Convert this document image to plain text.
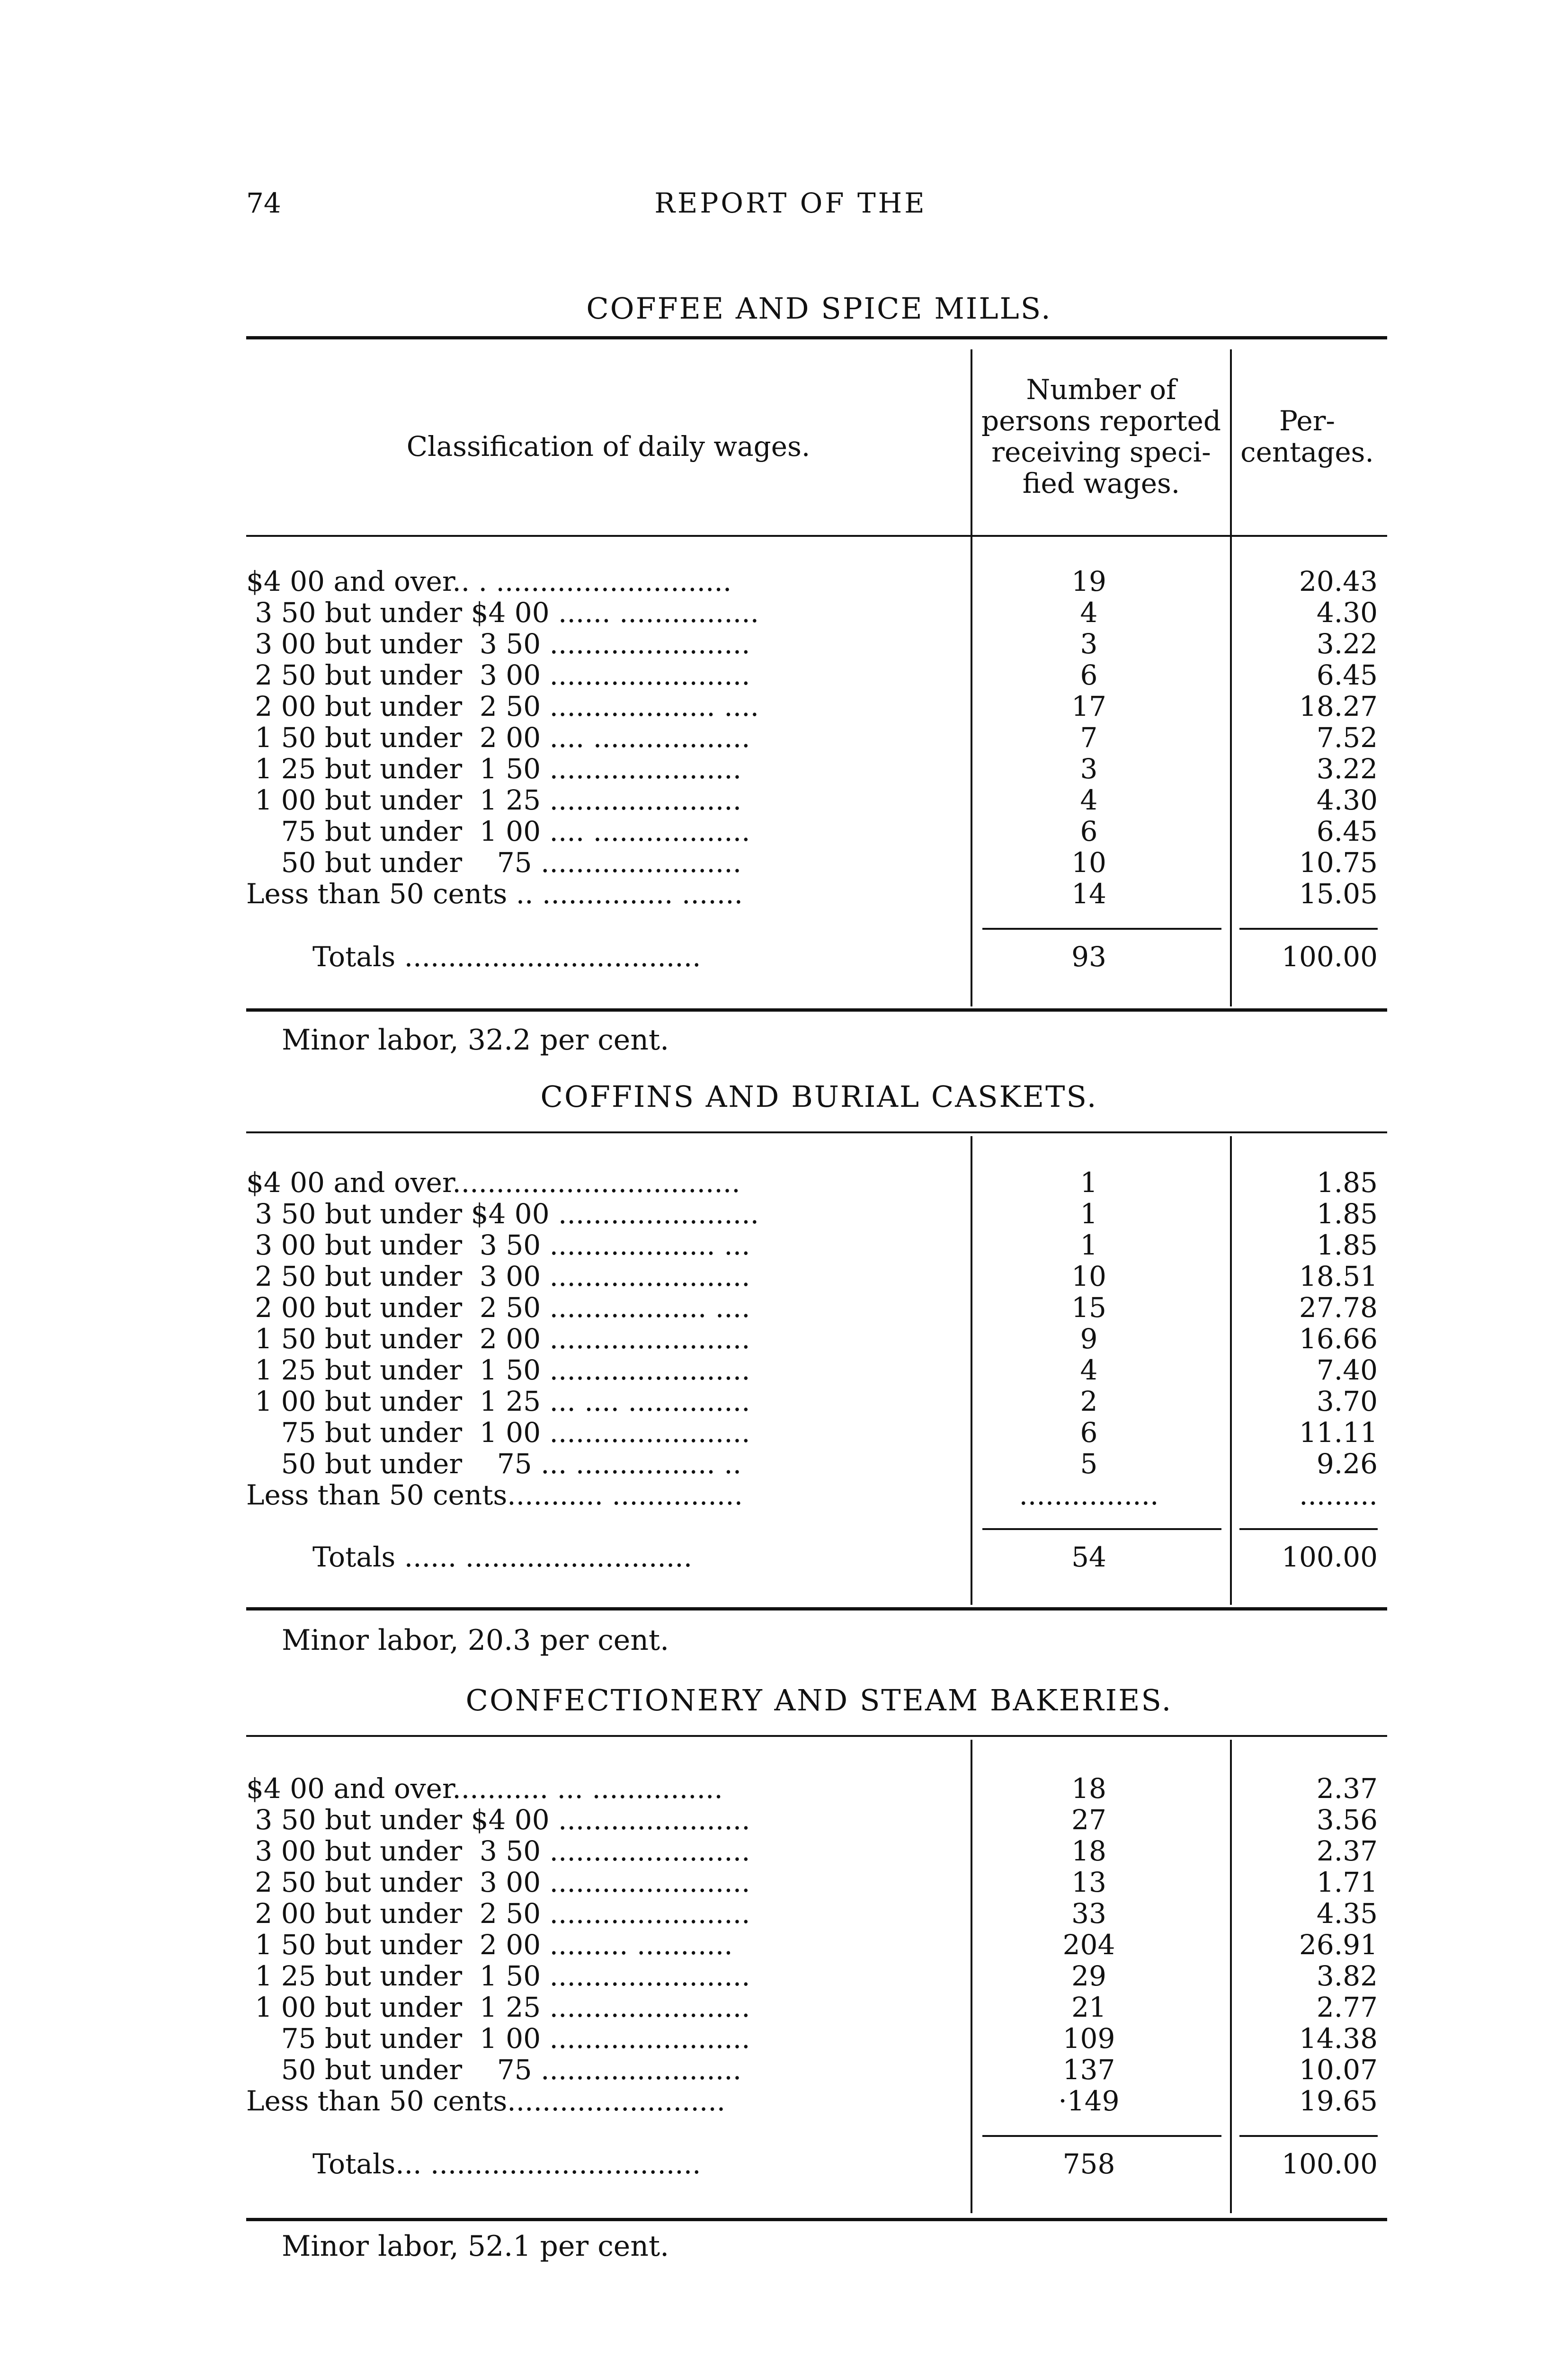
74	REPORT OF THE
COFFEE AND SPICE MILLS.
Classification of daily wages.
Number of
persons reported
receiving speci-
fied wages.
Per-
centages.
$4 00 and over.. . ...........................	19	20.43
3 50 but under $4 00 ...... ................	4	4.30
3 00 but under  3 50 .......................	3	3.22
2 50 but under  3 00 .......................	6	6.45
2 00 but under  2 50 ................... ....	17	18.27
1 50 but under  2 00 .... ..................	7	7.52
1 25 but under  1 50 ......................	3	3.22
1 00 but under  1 25 ......................	4	4.30
75 but under  1 00 .... ..................	6	6.45
50 but under    75 .......................	10	10.75
Less than 50 cents .. ............... .......	14	15.05
Totals ..................................	93	100.00
Minor labor, 32.2 per cent.
COFFINS AND BURIAL CASKETS.
$4 00 and over.................................	1	1.85
3 50 but under $4 00 .......................	1	1.85
3 00 but under  3 50 ................... ...	1	1.85
2 50 but under  3 00 .......................	10	18.51
2 00 but under  2 50 .................. ....	15	27.78
1 50 but under  2 00 .......................	9	16.66
1 25 but under  1 50 .......................	4	7.40
1 00 but under  1 25 ... .... ..............	2	3.70
75 but under  1 00 .......................	6	11.11
50 but under    75 ... ................ ..	5	9.26
Less than 50 cents........... ...............	................	.........
Totals ...... ..........................	54	100.00
Minor labor, 20.3 per cent.
CONFECTIONERY AND STEAM BAKERIES.
$4 00 and over........... ... ...............	18	2.37
3 50 but under $4 00 ......................	27	3.56
3 00 but under  3 50 .......................	18	2.37
2 50 but under  3 00 .......................	13	1.71
2 00 but under  2 50 .......................	33	4.35
1 50 but under  2 00 ......... ...........	204	26.91
1 25 but under  1 50 .......................	29	3.82
1 00 but under  1 25 .......................	21	2.77
75 but under  1 00 .......................	109	14.38
50 but under    75 .......................	137	10.07
Less than 50 cents.........................	·149	19.65
Totals... ...............................	758	100.00
Minor labor, 52.1 per cent.
